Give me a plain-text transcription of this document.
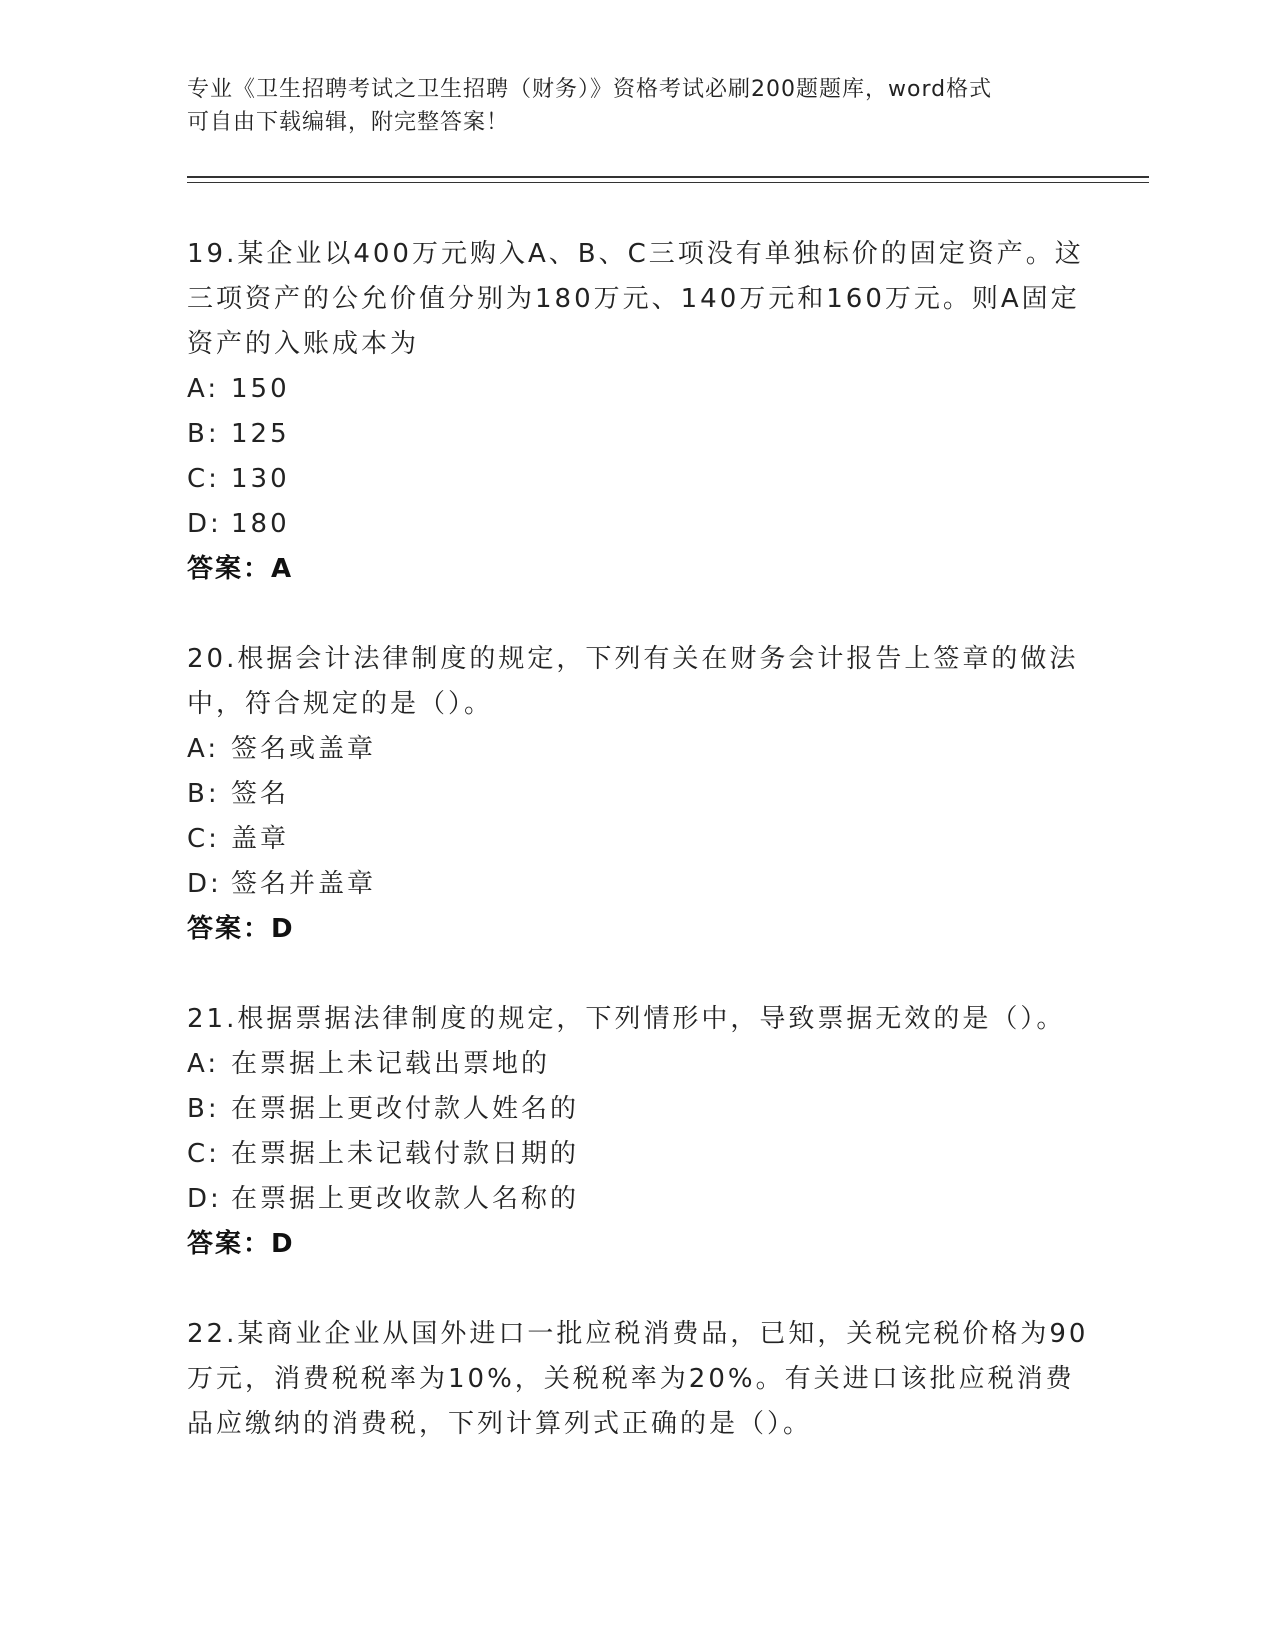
专业《卫生招聘考试之卫生招聘（财务）》资格考试必刷200题题库，word格式
可自由下载编辑，附完整答案！
19.某企业以400万元购入A、B、C三项没有单独标价的固定资产。这
三项资产的公允价值分别为180万元、140万元和160万元。则A固定
资产的入账成本为
A: 150
B: 125
C: 130
D: 180
答案：A
20.根据会计法律制度的规定，下列有关在财务会计报告上签章的做法
中，符合规定的是（）。
A: 签名或盖章
B: 签名
C: 盖章
D: 签名并盖章
答案：D
21.根据票据法律制度的规定，下列情形中，导致票据无效的是（）。
A: 在票据上未记载出票地的
B: 在票据上更改付款人姓名的
C: 在票据上未记载付款日期的
D: 在票据上更改收款人名称的
答案：D
22.某商业企业从国外进口一批应税消费品，已知，关税完税价格为90
万元，消费税税率为10%，关税税率为20%。有关进口该批应税消费
品应缴纳的消费税，下列计算列式正确的是（）。
